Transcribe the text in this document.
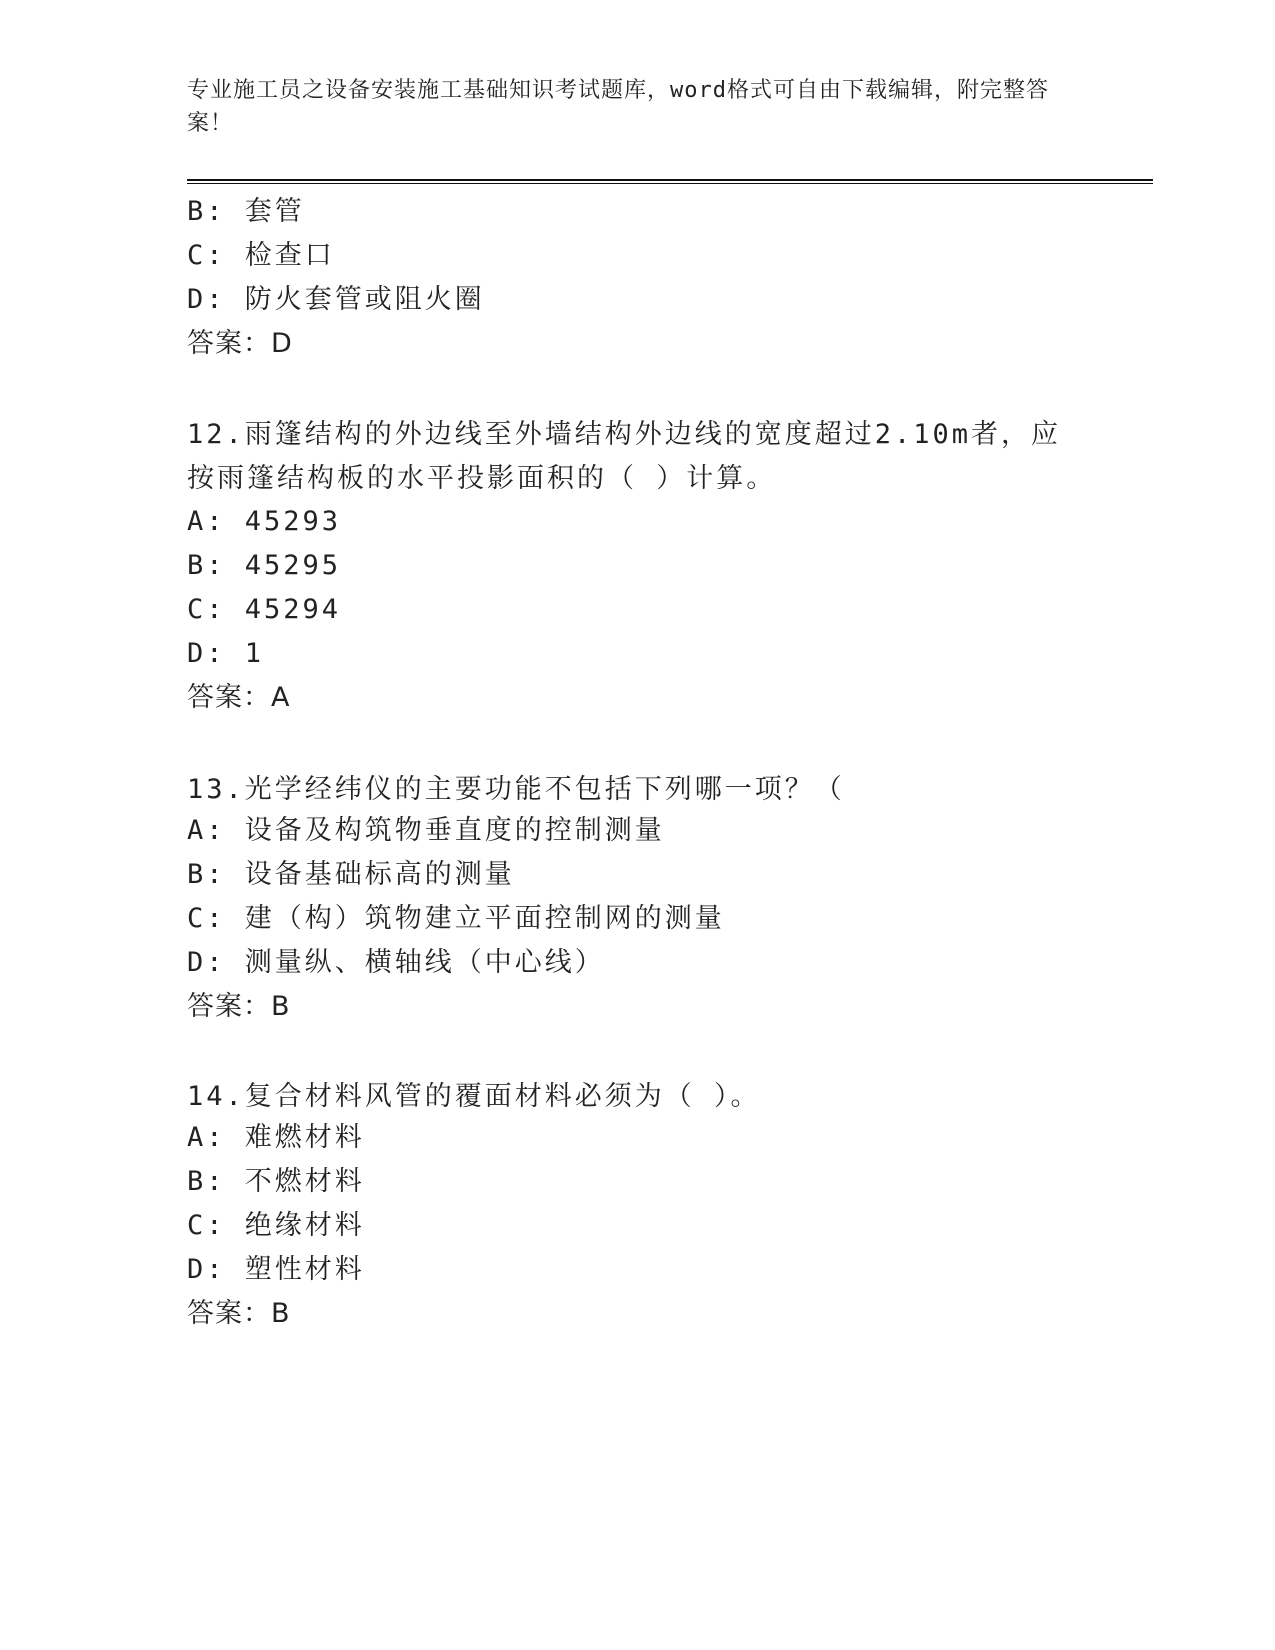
专业施工员之设备安装施工基础知识考试题库，word格式可自由下载编辑，附完整答案！
B: 套管
C: 检查口
D: 防火套管或阻火圈
答案：D
12.雨篷结构的外边线至外墙结构外边线的宽度超过2.10m者，应按雨篷结构板的水平投影面积的（ ）计算。
A: 45293
B: 45295
C: 45294
D: 1
答案：A
13.光学经纬仪的主要功能不包括下列哪一项？（
A: 设备及构筑物垂直度的控制测量
B: 设备基础标高的测量
C: 建（构）筑物建立平面控制网的测量
D: 测量纵、横轴线（中心线）
答案：B
14.复合材料风管的覆面材料必须为（ ）。
A: 难燃材料
B: 不燃材料
C: 绝缘材料
D: 塑性材料
答案：B
